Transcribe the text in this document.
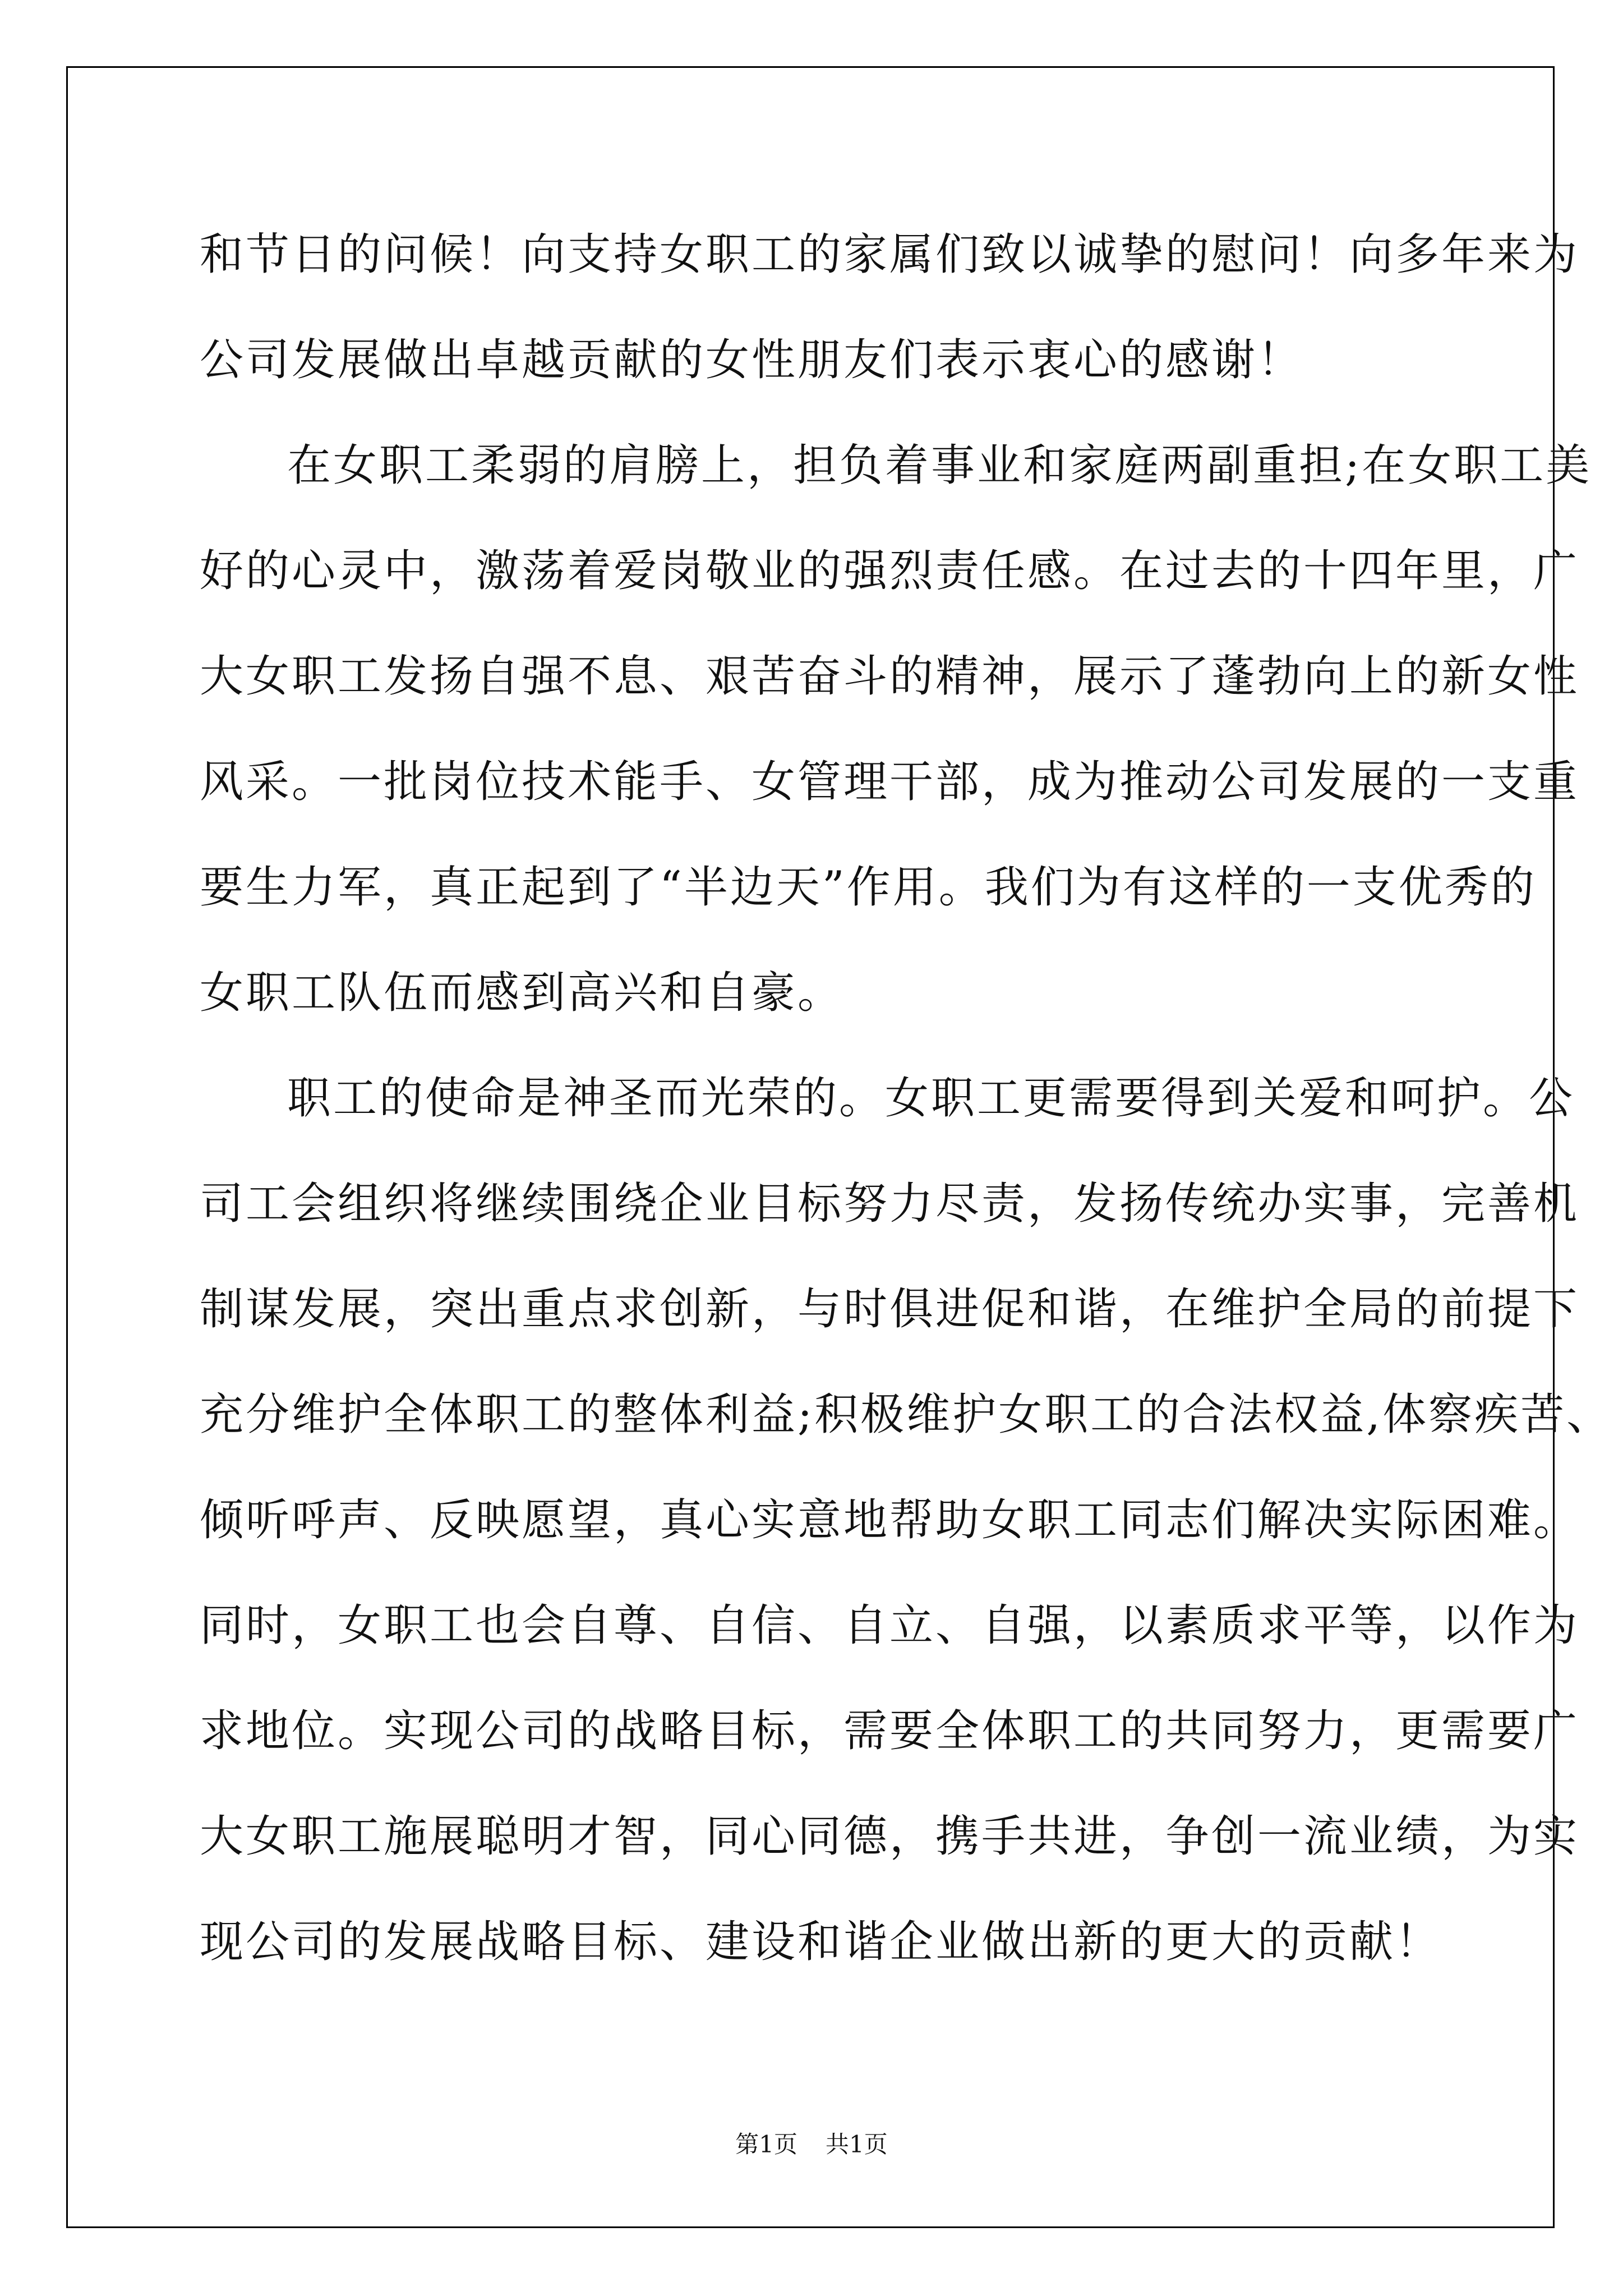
和节日的问候！向支持女职工的家属们致以诚挚的慰问！向多年来为
公司发展做出卓越贡献的女性朋友们表示衷心的感谢！
在女职工柔弱的肩膀上，担负着事业和家庭两副重担;在女职工美
好的心灵中，激荡着爱岗敬业的强烈责任感。在过去的十四年里，广
大女职工发扬自强不息、艰苦奋斗的精神，展示了蓬勃向上的新女性
风采。一批岗位技术能手、女管理干部，成为推动公司发展的一支重
要生力军，真正起到了“半边天”作用。我们为有这样的一支优秀的
女职工队伍而感到高兴和自豪。
职工的使命是神圣而光荣的。女职工更需要得到关爱和呵护。公
司工会组织将继续围绕企业目标努力尽责，发扬传统办实事，完善机
制谋发展，突出重点求创新，与时俱进促和谐，在维护全局的前提下
充分维护全体职工的整体利益;积极维护女职工的合法权益,体察疾苦、
倾听呼声、反映愿望，真心实意地帮助女职工同志们解决实际困难。
同时，女职工也会自尊、自信、自立、自强，以素质求平等，以作为
求地位。实现公司的战略目标，需要全体职工的共同努力，更需要广
大女职工施展聪明才智，同心同德，携手共进，争创一流业绩，为实
现公司的发展战略目标、建设和谐企业做出新的更大的贡献！
第1页 共1页
